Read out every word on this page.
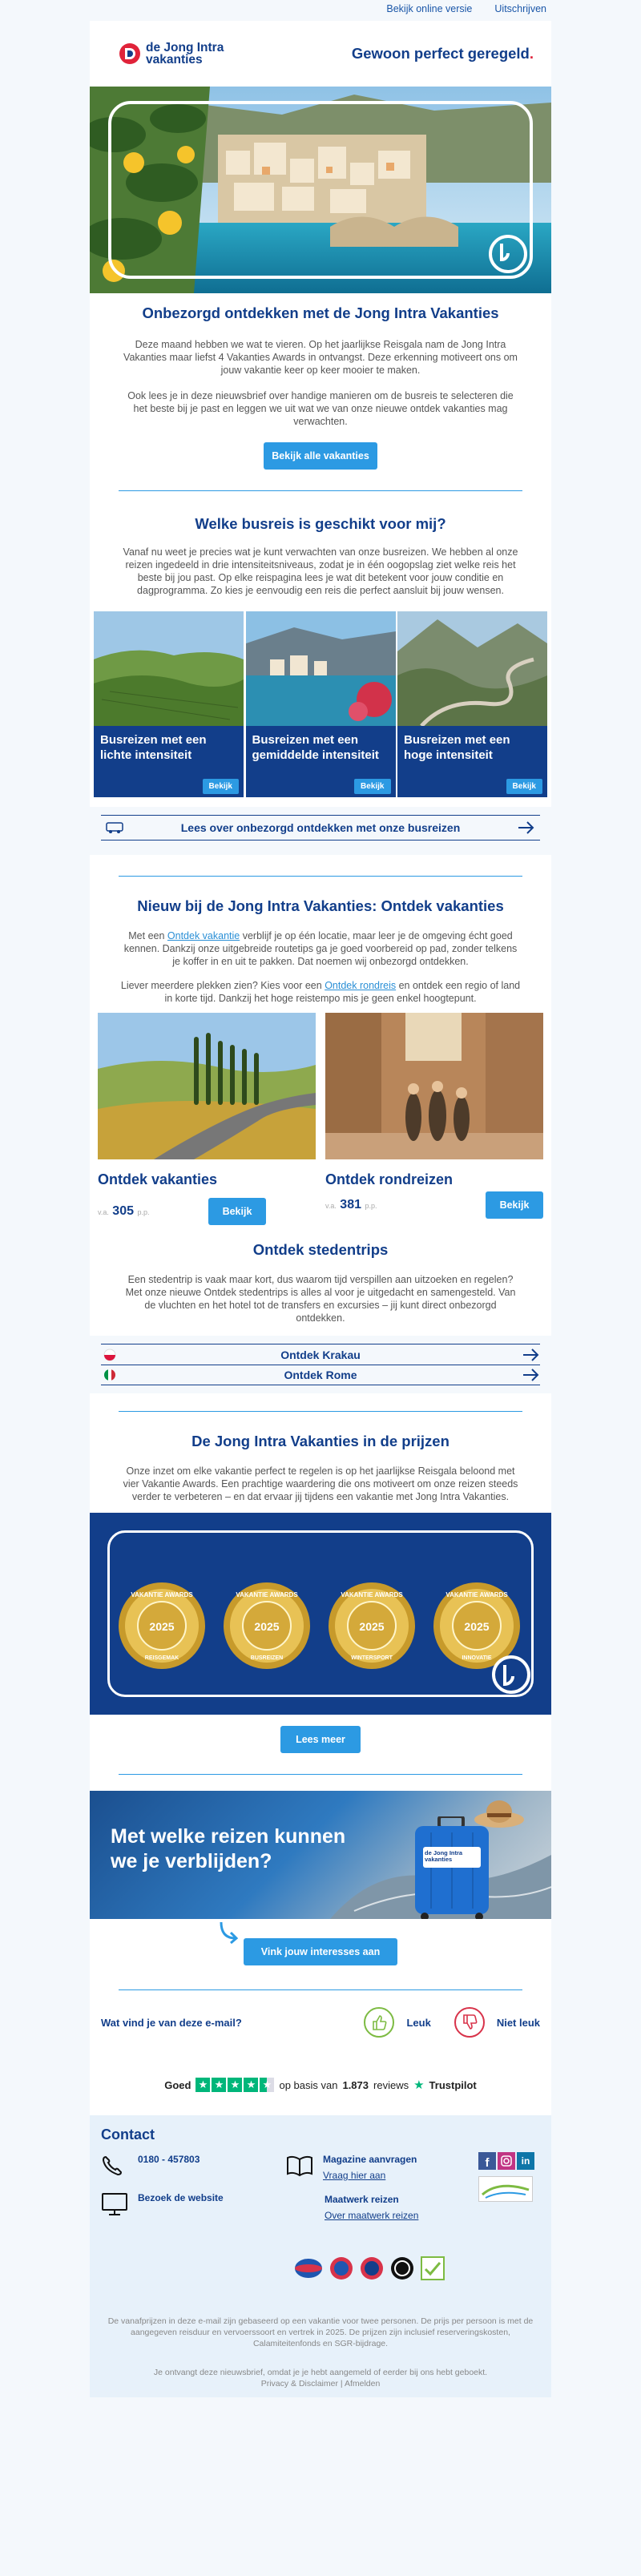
Bekijk online versie Uitschrijven
de Jong Intra
vakanties	Gewoon perfect geregeld.
Onbezorgd ontdekken met de Jong Intra Vakanties
Deze maand hebben we wat te vieren. Op het jaarlijkse Reisgala nam de Jong Intra Vakanties maar liefst 4 Vakanties Awards in ontvangst. Deze erkenning motiveert ons om jouw vakantie keer op keer mooier te maken.
Ook lees je in deze nieuwsbrief over handige manieren om de busreis te selecteren die het beste bij je past en leggen we uit wat we van onze nieuwe ontdek vakanties mag verwachten.
Bekijk alle vakanties
Welke busreis is geschikt voor mij?
Vanaf nu weet je precies wat je kunt verwachten van onze busreizen. We hebben al onze reizen ingedeeld in drie intensiteitsniveaus, zodat je in één oogopslag ziet welke reis het beste bij jou past. Op elke reispagina lees je wat dit betekent voor jouw conditie en dagprogramma. Zo kies je eenvoudig een reis die perfect aansluit bij jouw wensen.
Busreizen met een lichte intensiteit
Bekijk
Busreizen met een gemiddelde intensiteit
Bekijk
Busreizen met een hoge intensiteit
Bekijk
Lees over onbezorgd ontdekken met onze busreizen
Nieuw bij de Jong Intra Vakanties: Ontdek vakanties
Met een Ontdek vakantie verblijf je op één locatie, maar leer je de omgeving écht goed kennen. Dankzij onze uitgebreide routetips ga je goed voorbereid op pad, zonder telkens je koffer in en uit te pakken. Dat noemen wij onbezorgd ontdekken.
Liever meerdere plekken zien? Kies voor een Ontdek rondreis en ontdek een regio of land in korte tijd. Dankzij het hoge reistempo mis je geen enkel hoogtepunt.
Ontdek vakanties
v.a. 305 p.p.	Bekijk
Ontdek rondreizen
v.a. 381 p.p.	Bekijk
Ontdek stedentrips
Een stedentrip is vaak maar kort, dus waarom tijd verspillen aan uitzoeken en regelen? Met onze nieuwe Ontdek stedentrips is alles al voor je uitgedacht en samengesteld. Van de vluchten en het hotel tot de transfers en excursies – jij kunt direct onbezorgd ontdekken.
Ontdek Krakau
Ontdek Rome
De Jong Intra Vakanties in de prijzen
Onze inzet om elke vakantie perfect te regelen is op het jaarlijkse Reisgala beloond met vier Vakantie Awards. Een prachtige waardering die ons motiveert om onze reizen steeds verder te verbeteren – en dat ervaar jij tijdens een vakantie met Jong Intra Vakanties.
VAKANTIE AWARDS
2025
REISGEMAK
VAKANTIE AWARDS
2025
BUSREIZEN
VAKANTIE AWARDS
2025
WINTERSPORT
VAKANTIE AWARDS
2025
INNOVATIE
Lees meer
Met welke reizen kunnen we je verblijden?	de Jong Intra vakanties
Vink jouw interesses aan
Wat vind je van deze e-mail?	Leuk	Niet leuk
Goed ★ ★ ★ ★ ★ op basis van 1.873 reviews ★ Trustpilot
Contact
0180 - 457803
Bezoek de website
Magazine aanvragen
Vraag hier aan
Maatwerk reizen
Over maatwerk reizen
f	in
De vanafprijzen in deze e-mail zijn gebaseerd op een vakantie voor twee personen. De prijs per persoon is met de aangegeven reisduur en vervoerssoort en vertrek in 2025. De prijzen zijn inclusief reserveringskosten, Calamiteitenfonds en SGR-bijdrage.
Je ontvangt deze nieuwsbrief, omdat je je hebt aangemeld of eerder bij ons hebt geboekt.
Privacy & Disclaimer | Afmelden
